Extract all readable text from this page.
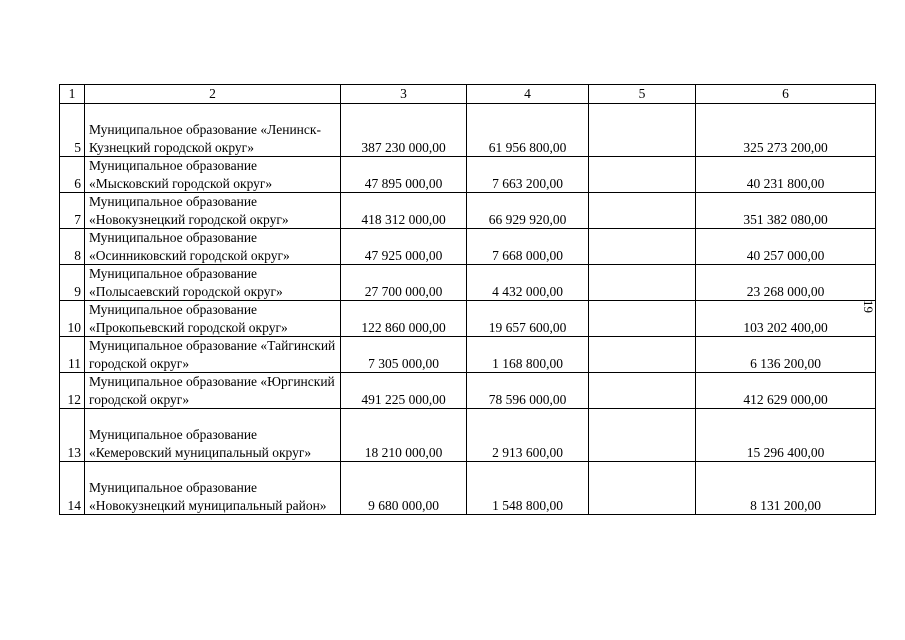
1	2	3	4	5	6
5	Муниципальное образование «Ленинск-Кузнецкий городской округ»	387 230 000,00	61 956 800,00		325 273 200,00
6	Муниципальное образование «Мысковский городской округ»	47 895 000,00	7 663 200,00		40 231 800,00
7	Муниципальное образование «Новокузнецкий городской округ»	418 312 000,00	66 929 920,00		351 382 080,00
8	Муниципальное образование «Осинниковский городской округ»	47 925 000,00	7 668 000,00		40 257 000,00
9	Муниципальное образование «Полысаевский городской округ»	27 700 000,00	4 432 000,00		23 268 000,00
10	Муниципальное образование «Прокопьевский городской округ»	122 860 000,00	19 657 600,00		103 202 400,00
11	Муниципальное образование «Тайгинский городской округ»	7 305 000,00	1 168 800,00		6 136 200,00
12	Муниципальное образование «Юргинский городской округ»	491 225 000,00	78 596 000,00		412 629 000,00
13	Муниципальное образование «Кемеровский муниципальный округ»	18 210 000,00	2 913 600,00		15 296 400,00
14	Муниципальное образование «Новокузнецкий муниципальный район»	9 680 000,00	1 548 800,00		8 131 200,00
19
